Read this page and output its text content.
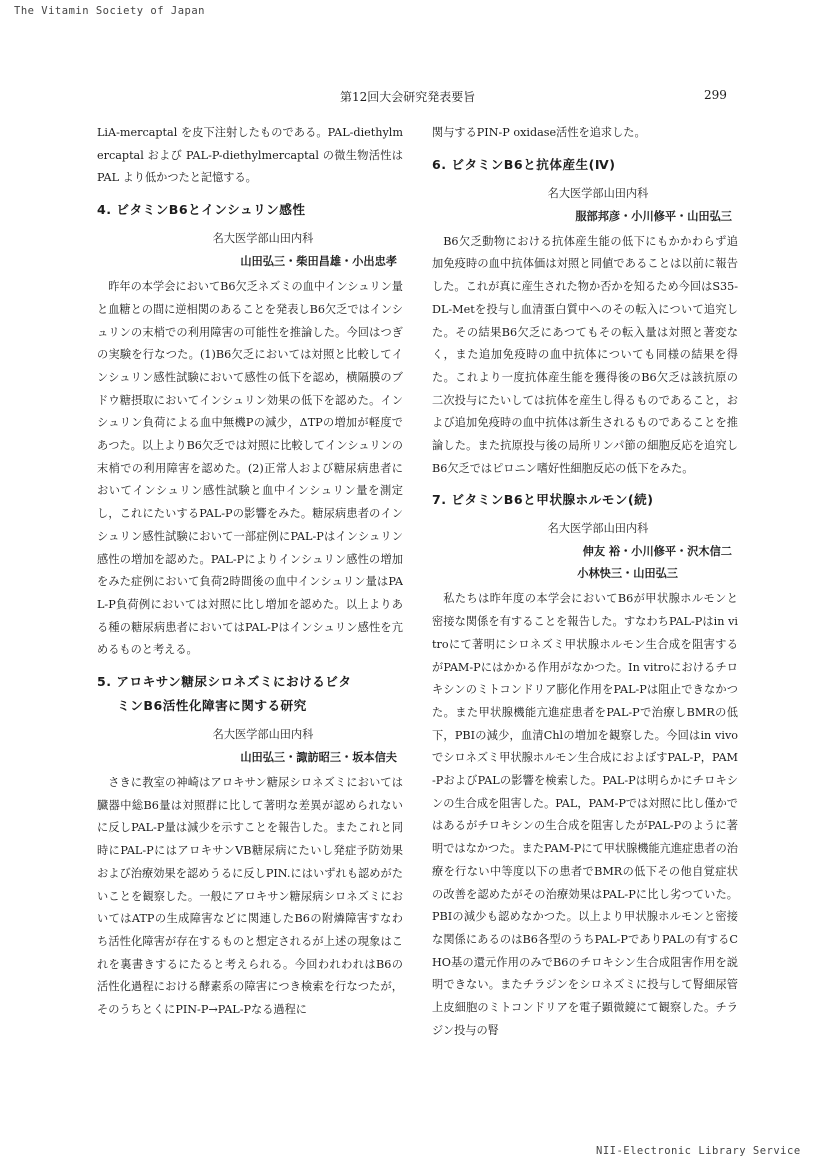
The Vitamin Society of Japan
第12回大会研究発表要旨	299

LiA-mercaptal を皮下注射したものである。PAL-diethylmercaptal および PAL-P-diethylmercaptal の微生物活性は PAL より低かつたと記憶する。

4. ビタミンB6とインシュリン感性
名大医学部山田内科
山田弘三・柴田昌雄・小出忠孝

昨年の本学会においてB6欠乏ネズミの血中インシュリン量と血糖との間に逆相関のあることを発表しB6欠乏ではインシュリンの末梢での利用障害の可能性を推論した。今回はつぎの実験を行なつた。(1)B6欠乏においては対照と比較してインシュリン感性試験において感性の低下を認め，横隔膜のブドウ糖摂取においてインシュリン効果の低下を認めた。インシュリン負荷による血中無機Pの減少，ΔTPの増加が軽度であつた。以上よりB6欠乏では対照に比較してインシュリンの末梢での利用障害を認めた。(2)正常人および糖尿病患者においてインシュリン感性試験と血中インシュリン量を測定し，これにたいするPAL-Pの影響をみた。糖尿病患者のインシュリン感性試験において一部症例にPAL-Pはインシュリン感性の増加を認めた。PAL-Pによりインシュリン感性の増加をみた症例において負荷2時間後の血中インシュリン量はPAL-P負荷例においては対照に比し増加を認めた。以上よりある種の糖尿病患者においてはPAL-Pはインシュリン感性を亢めるものと考える。

5. アロキサン糖尿シロネズミにおけるビタ
ミンB6活性化障害に関する研究
名大医学部山田内科
山田弘三・諏訪昭三・坂本信夫

さきに教室の神崎はアロキサン糖尿シロネズミにおいては臓器中総B6量は対照群に比して著明な差異が認められないに反しPAL-P量は減少を示すことを報告した。またこれと同時にPAL-PにはアロキサンVB糖尿病にたいし発症予防効果および治療効果を認めうるに反しPIN.にはいずれも認めがたいことを観察した。一般にアロキサン糖尿病シロネズミにおいてはATPの生成障害などに関連したB6の附燐障害すなわち活性化障害が存在するものと想定されるが上述の現象はこれを裏書きするにたると考えられる。今回われわれはB6の活性化過程における酵素系の障害につき検索を行なつたが，そのうちとくにPIN-P→PAL-Pなる過程に

関与するPIN-P oxidase活性を追求した。

6. ビタミンB6と抗体産生(Ⅳ)
名大医学部山田内科
服部邦彦・小川修平・山田弘三

B6欠乏動物における抗体産生能の低下にもかかわらず追加免疫時の血中抗体価は対照と同値であることは以前に報告した。これが真に産生された物か否かを知るため今回はS35-DL-Metを投与し血清蛋白質中へのその転入について追究した。その結果B6欠乏にあつてもその転入量は対照と著変なく，また追加免疫時の血中抗体についても同様の結果を得た。これより一度抗体産生能を獲得後のB6欠乏は該抗原の二次投与にたいしては抗体を産生し得るものであること，および追加免疫時の血中抗体は新生されるものであることを推論した。また抗原投与後の局所リンパ節の細胞反応を追究しB6欠乏ではピロニン嗜好性細胞反応の低下をみた。

7. ビタミンB6と甲状腺ホルモン(続)
名大医学部山田内科
伸友 裕・小川修平・沢木信二
小林快三・山田弘三

私たちは昨年度の本学会においてB6が甲状腺ホルモンと密接な関係を有することを報告した。すなわちPAL-Pはin vitroにて著明にシロネズミ甲状腺ホルモン生合成を阻害するがPAM-Pにはかかる作用がなかつた。In vitroにおけるチロキシンのミトコンドリア膨化作用をPAL-Pは阻止できなかつた。また甲状腺機能亢進症患者をPAL-Pで治療しBMRの低下，PBIの減少，血清Chlの増加を観察した。今回はin vivoでシロネズミ甲状腺ホルモン生合成におよぼすPAL-P，PAM-PおよびPALの影響を検索した。PAL-Pは明らかにチロキシンの生合成を阻害した。PAL，PAM-Pでは対照に比し僅かではあるがチロキシンの生合成を阻害したがPAL-Pのように著明ではなかつた。またPAM-Pにて甲状腺機能亢進症患者の治療を行ない中等度以下の患者でBMRの低下その他自覚症状の改善を認めたがその治療効果はPAL-Pに比し劣つていた。PBIの減少も認めなかつた。以上より甲状腺ホルモンと密接な関係にあるのはB6各型のうちPAL-PでありPALの有するCHO基の還元作用のみでB6のチロキシン生合成阻害作用を説明できない。またチラジンをシロネズミに投与して腎細尿管上皮細胞のミトコンドリアを電子顕微鏡にて観察した。チラジン投与の腎

NII-Electronic Library Service
